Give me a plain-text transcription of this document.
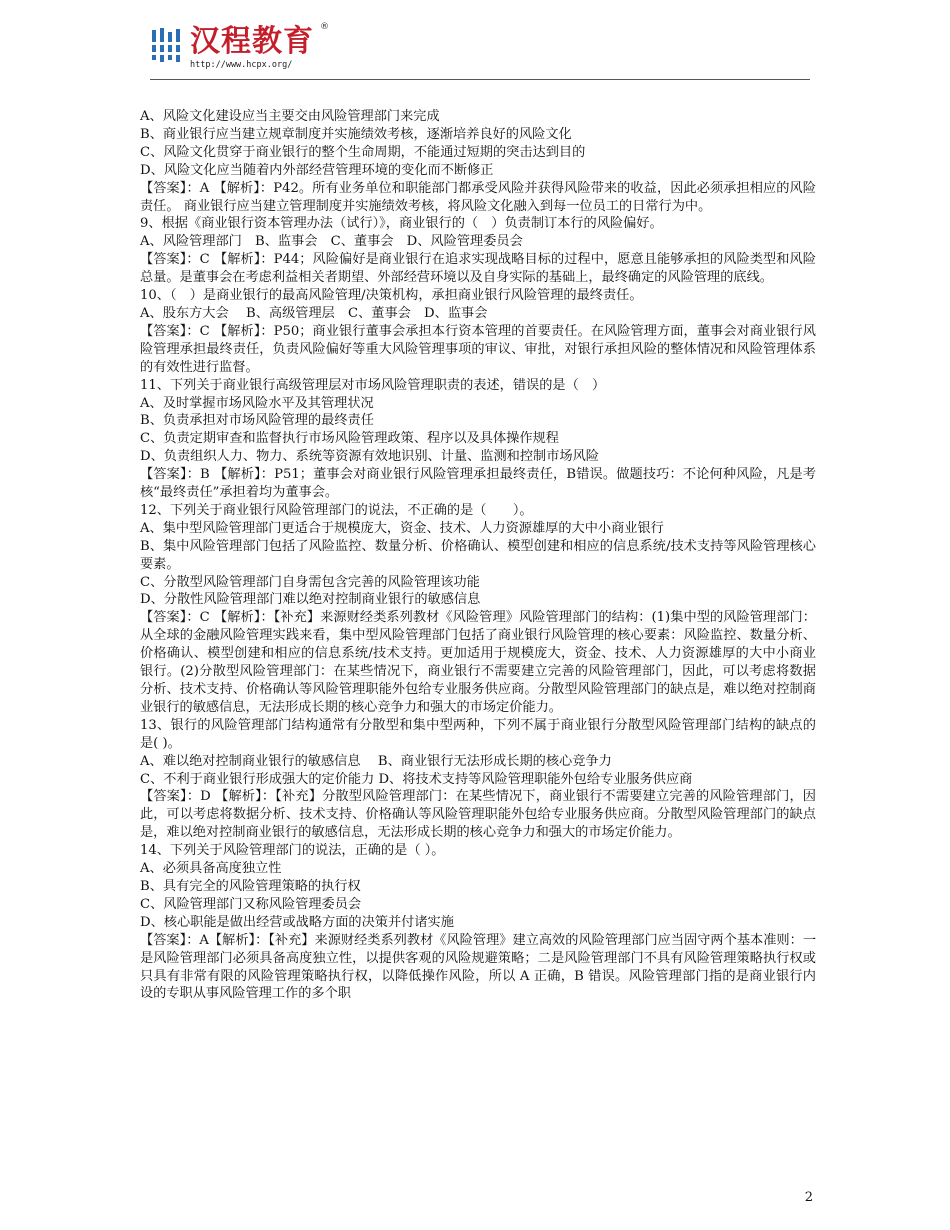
汉程教育 ®
http://www.hcpx.org/

A、风险文化建设应当主要交由风险管理部门来完成

B、商业银行应当建立规章制度并实施绩效考核，逐渐培养良好的风险文化

C、风险文化贯穿于商业银行的整个生命周期，不能通过短期的突击达到目的

D、风险文化应当随着内外部经营管理环境的变化而不断修正

【答案】：A 【解析】：P42。所有业务单位和职能部门都承受风险并获得风险带来的收益，因此必须承担相应的风险责任。 商业银行应当建立管理制度并实施绩效考核，将风险文化融入到每一位员工的日常行为中。

9、根据《商业银行资本管理办法（试行）》，商业银行的（　）负责制订本行的风险偏好。

A、风险管理部门　B、监事会　C、董事会　D、风险管理委员会

【答案】：C 【解析】：P44；风险偏好是商业银行在追求实现战略目标的过程中，愿意且能够承担的风险类型和风险总量。是董事会在考虑利益相关者期望、外部经营环境以及自身实际的基础上，最终确定的风险管理的底线。

10、（　）是商业银行的最高风险管理/决策机构，承担商业银行风险管理的最终责任。

A、股东方大会　 B、高级管理层　C、董事会　D、监事会

【答案】：C 【解析】：P50；商业银行董事会承担本行资本管理的首要责任。在风险管理方面，董事会对商业银行风险管理承担最终责任，负责风险偏好等重大风险管理事项的审议、审批，对银行承担风险的整体情况和风险管理体系的有效性进行监督。

11、下列关于商业银行高级管理层对市场风险管理职责的表述，错误的是（　）

A、及时掌握市场风险水平及其管理状况

B、负责承担对市场风险管理的最终责任

C、负责定期审查和监督执行市场风险管理政策、程序以及具体操作规程

D、负责组织人力、物力、系统等资源有效地识别、计量、监测和控制市场风险

【答案】：B 【解析】：P51；董事会对商业银行风险管理承担最终责任，B错误。做题技巧：不论何种风险，凡是考核“最终责任”承担着均为董事会。

12、下列关于商业银行风险管理部门的说法，不正确的是（　　）。

A、集中型风险管理部门更适合于规模庞大，资金、技术、人力资源雄厚的大中小商业银行

B、集中风险管理部门包括了风险监控、数量分析、价格确认、模型创建和相应的信息系统/技术支持等风险管理核心要素。

C、分散型风险管理部门自身需包含完善的风险管理该功能

D、分散性风险管理部门难以绝对控制商业银行的敏感信息

【答案】：C 【解析】：【补充】来源财经类系列教材《风险管理》风险管理部门的结构：(1)集中型的风险管理部门：从全球的金融风险管理实践来看，集中型风险管理部门包括了商业银行风险管理的核心要素：风险监控、数量分析、价格确认、模型创建和相应的信息系统/技术支持。更加适用于规模庞大，资金、技术、人力资源雄厚的大中小商业银行。(2)分散型风险管理部门：在某些情况下，商业银行不需要建立完善的风险管理部门，因此，可以考虑将数据分析、技术支持、价格确认等风险管理职能外包给专业服务供应商。分散型风险管理部门的缺点是，难以绝对控制商业银行的敏感信息，无法形成长期的核心竞争力和强大的市场定价能力。

13、银行的风险管理部门结构通常有分散型和集中型两种，下列不属于商业银行分散型风险管理部门结构的缺点的是( )。

A、难以绝对控制商业银行的敏感信息　 B、商业银行无法形成长期的核心竞争力

C、不利于商业银行形成强大的定价能力 D、将技术支持等风险管理职能外包给专业服务供应商

【答案】：D 【解析】：【补充】分散型风险管理部门：在某些情况下，商业银行不需要建立完善的风险管理部门，因此，可以考虑将数据分析、技术支持、价格确认等风险管理职能外包给专业服务供应商。分散型风险管理部门的缺点是，难以绝对控制商业银行的敏感信息，无法形成长期的核心竞争力和强大的市场定价能力。

14、下列关于风险管理部门的说法，正确的是（ ）。

A、必须具备高度独立性

B、具有完全的风险管理策略的执行权

C、风险管理部门又称风险管理委员会

D、核心职能是做出经营或战略方面的决策并付诸实施

【答案】：A【解析】：【补充】来源财经类系列教材《风险管理》建立高效的风险管理部门应当固守两个基本准则：一是风险管理部门必须具备高度独立性，以提供客观的风险规避策略；二是风险管理部门不具有风险管理策略执行权或只具有非常有限的风险管理策略执行权，以降低操作风险，所以 A 正确，B 错误。风险管理部门指的是商业银行内设的专职从事风险管理工作的多个职

2
